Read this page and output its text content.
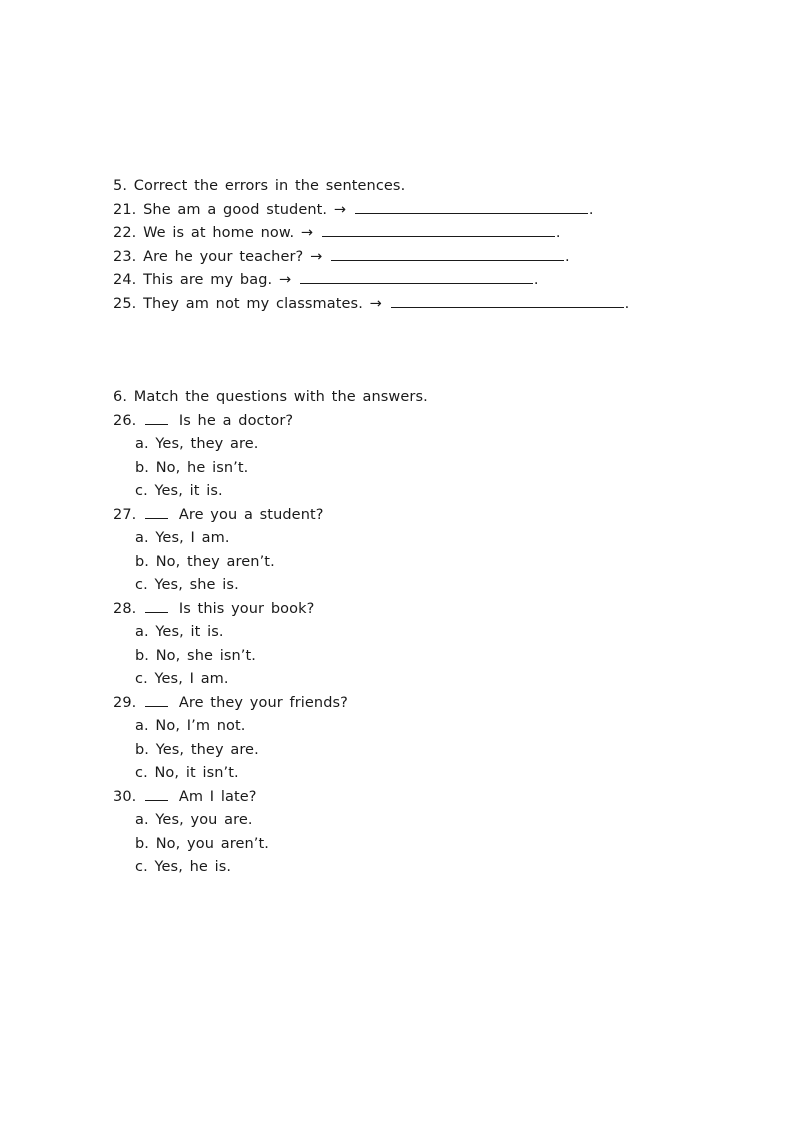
5. Correct the errors in the sentences.
21. She am a good student. →	.
22. We is at home now. →	.
23. Are he your teacher? →	.
24. This are my bag. →	.
25. They am not my classmates. →	.
6. Match the questions with the answers.
26.	Is he a doctor?
a. Yes, they are.
b. No, he isn’t.
c. Yes, it is.
27.	Are you a student?
a. Yes, I am.
b. No, they aren’t.
c. Yes, she is.
28.	Is this your book?
a. Yes, it is.
b. No, she isn’t.
c. Yes, I am.
29.	Are they your friends?
a. No, I’m not.
b. Yes, they are.
c. No, it isn’t.
30.	Am I late?
a. Yes, you are.
b. No, you aren’t.
c. Yes, he is.
